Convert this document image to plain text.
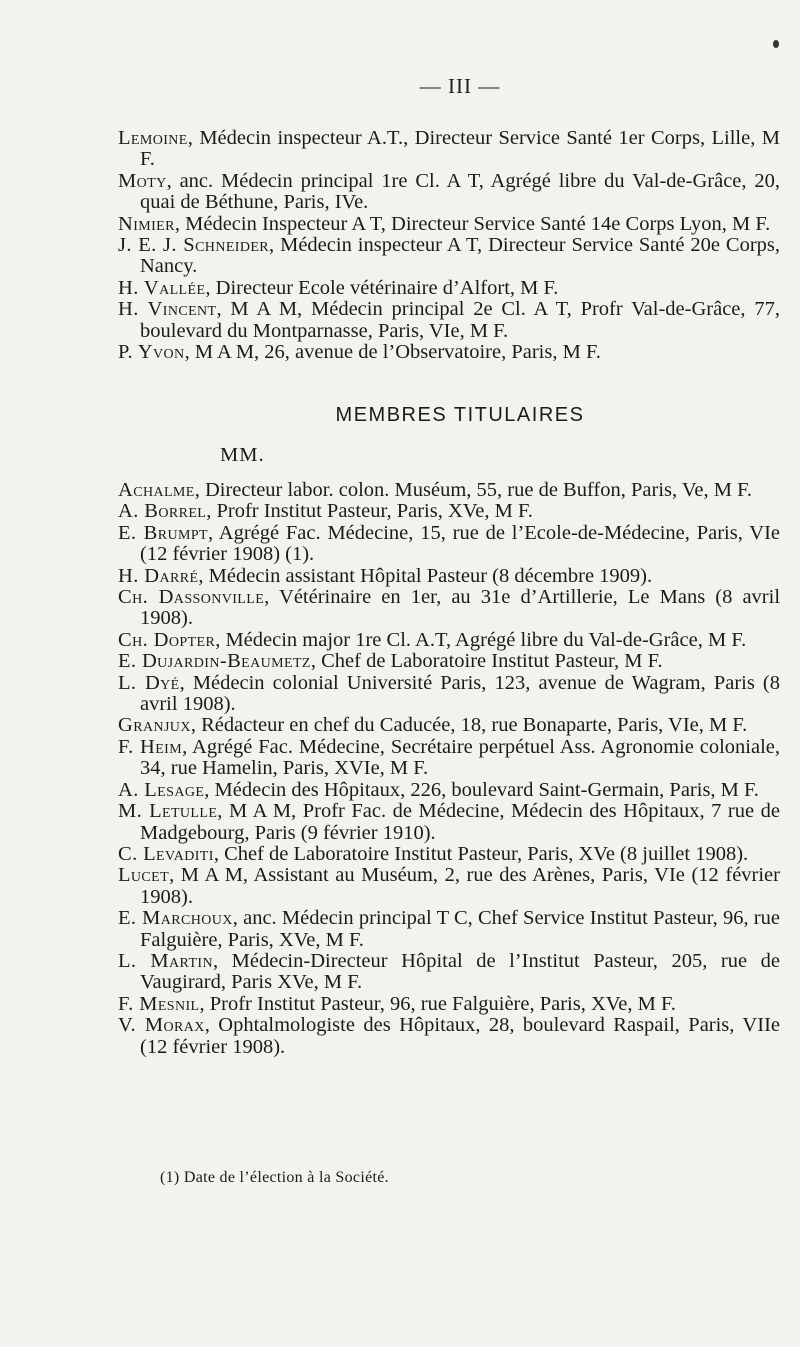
— III —
Lemoine, Médecin inspecteur A.T., Directeur Service Santé 1er Corps, Lille, M F.
Moty, anc. Médecin principal 1re Cl. A T, Agrégé libre du Val-de-Grâce, 20, quai de Béthune, Paris, IVe.
Nimier, Médecin Inspecteur A T, Directeur Service Santé 14e Corps Lyon, M F.
J. E. J. Schneider, Médecin inspecteur A T, Directeur Service Santé 20e Corps, Nancy.
H. Vallée, Directeur Ecole vétérinaire d’Alfort, M F.
H. Vincent, M A M, Médecin principal 2e Cl. A T, Profr Val-de-Grâce, 77, boulevard du Montparnasse, Paris, VIe, M F.
P. Yvon, M A M, 26, avenue de l’Observatoire, Paris, M F.
MEMBRES TITULAIRES
MM.
Achalme, Directeur labor. colon. Muséum, 55, rue de Buffon, Paris, Ve, M F.
A. Borrel, Profr Institut Pasteur, Paris, XVe, M F.
E. Brumpt, Agrégé Fac. Médecine, 15, rue de l’Ecole-de-Médecine, Paris, VIe (12 février 1908) (1).
H. Darré, Médecin assistant Hôpital Pasteur (8 décembre 1909).
Ch. Dassonville, Vétérinaire en 1er, au 31e d’Artillerie, Le Mans (8 avril 1908).
Ch. Dopter, Médecin major 1re Cl. A.T, Agrégé libre du Val-de-Grâce, M F.
E. Dujardin-Beaumetz, Chef de Laboratoire Institut Pasteur, M F.
L. Dyé, Médecin colonial Université Paris, 123, avenue de Wagram, Paris (8 avril 1908).
Granjux, Rédacteur en chef du Caducée, 18, rue Bonaparte, Paris, VIe, M F.
F. Heim, Agrégé Fac. Médecine, Secrétaire perpétuel Ass. Agronomie coloniale, 34, rue Hamelin, Paris, XVIe, M F.
A. Lesage, Médecin des Hôpitaux, 226, boulevard Saint-Germain, Paris, M F.
M. Letulle, M A M, Profr Fac. de Médecine, Médecin des Hôpitaux, 7 rue de Madgebourg, Paris (9 février 1910).
C. Levaditi, Chef de Laboratoire Institut Pasteur, Paris, XVe (8 juillet 1908).
Lucet, M A M, Assistant au Muséum, 2, rue des Arènes, Paris, VIe (12 février 1908).
E. Marchoux, anc. Médecin principal T C, Chef Service Institut Pasteur, 96, rue Falguière, Paris, XVe, M F.
L. Martin, Médecin-Directeur Hôpital de l’Institut Pasteur, 205, rue de Vaugirard, Paris XVe, M F.
F. Mesnil, Profr Institut Pasteur, 96, rue Falguière, Paris, XVe, M F.
V. Morax, Ophtalmologiste des Hôpitaux, 28, boulevard Raspail, Paris, VIIe (12 février 1908).
(1) Date de l’élection à la Société.
